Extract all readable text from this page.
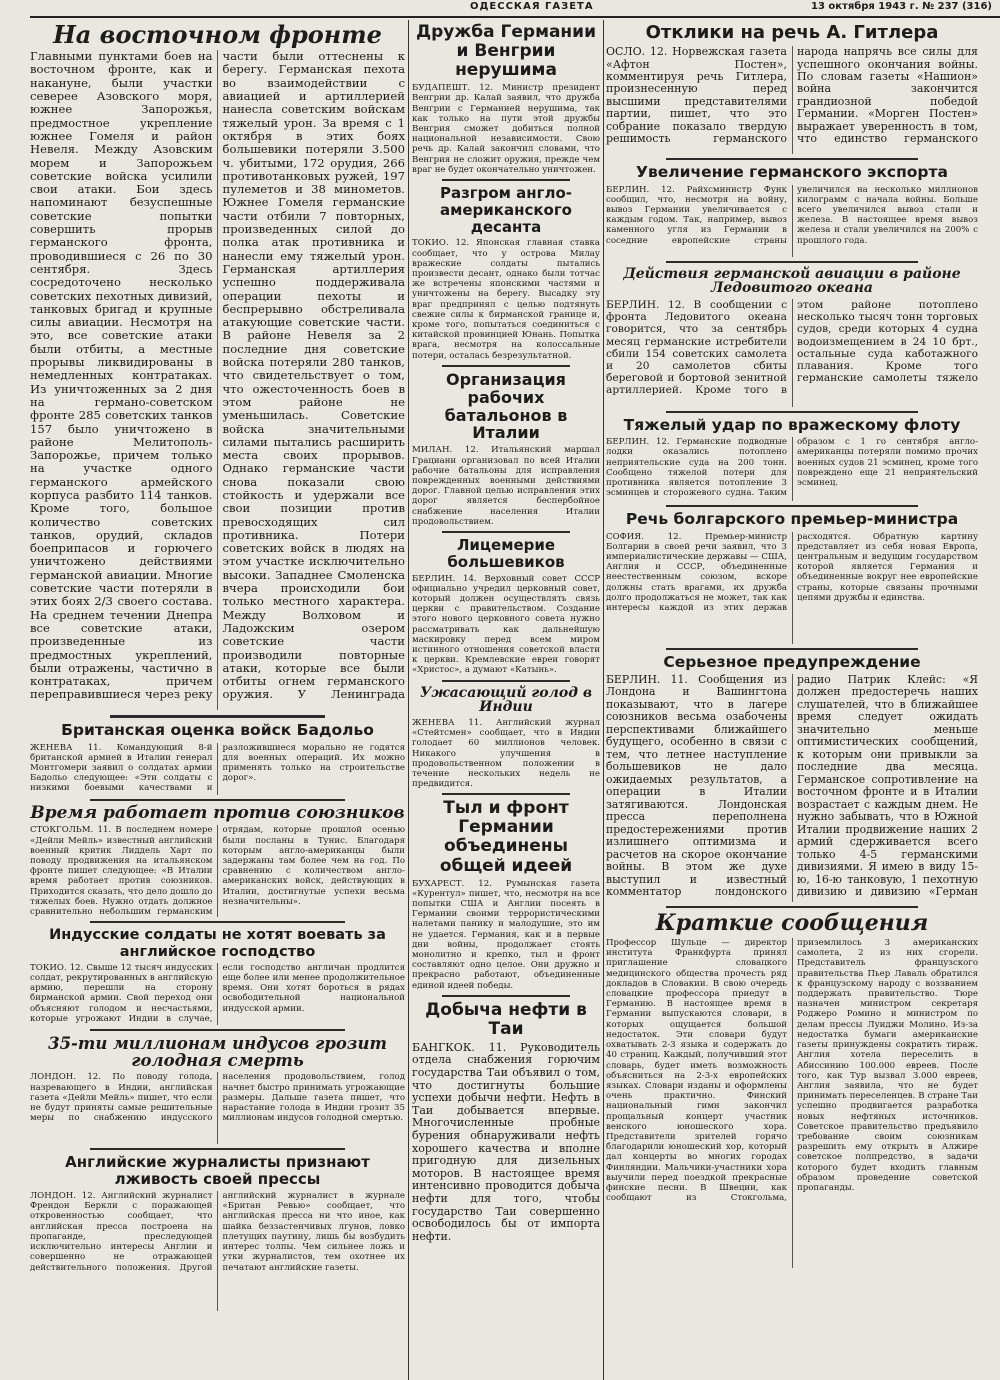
ОДЕССКАЯ ГАЗЕТА	13 октября 1943 г. № 237 (316)
На восточном фронте

Главными пунктами боев на восточном фронте, как и накануне, были участки северее Азовского моря, южнее Запорожья, предмостное укрепление южнее Гомеля и район Невеля. Между Азовским морем и Запорожьем советские войска усилили свои атаки. Бои здесь напоминают безуспешные советские попытки совершить прорыв германского фронта, проводившиеся с 26 по 30 сентября. Здесь сосредоточено несколько советских пехотных дивизий, танковых бригад и крупные силы авиации. Несмотря на это, все советские атаки были отбиты, а местные прорывы ликвидированы в немедленных контратаках. Из уничтоженных за 2 дня на германо-советском фронте 285 советских танков 157 было уничтожено в районе Мелитополь-Запорожье, причем только на участке одного германского армейского корпуса разбито 114 танков. Кроме того, большое количество советских танков, орудий, складов боеприпасов и горючего уничтожено действиями германской авиации. Многие советские части потеряли в этих боях 2/3 своего состава. На среднем течении Днепра все советские атаки, произведенные из предмостных укреплений, были отражены, частично в контратаках, причем переправившиеся через реку части были оттеснены к берегу. Германская пехота во взаимодействии с авиацией и артиллерией нанесла советским войскам тяжелый урон. За время с 1 октября в этих боях большевики потеряли 3.500 ч. убитыми, 172 орудия, 266 противотанковых ружей, 197 пулеметов и 38 минометов. Южнее Гомеля германские части отбили 7 повторных, произведенных силой до полка атак противника и нанесли ему тяжелый урон. Германская артиллерия успешно поддерживала операции пехоты и беспрерывно обстреливала атакующие советские части. В районе Невеля за 2 последние дня советские войска потеряли 280 танков, что свидетельствует о том, что ожесточенность боев в этом районе не уменьшилась. Советские войска значительными силами пытались расширить места своих прорывов. Однако германские части снова показали свою стойкость и удержали все свои позиции против превосходящих сил противника. Потери советских войск в людях на этом участке исключительно высоки. Западнее Смоленска вчера происходили бои только местного характера. Между Волховом и Ладожским озером советские части производили повторные атаки, которые все были отбиты огнем германского оружия. У Ленинграда

Британская оценка войск Бадольо

ЖЕНЕВА 11. Командующий 8-й британской армией в Италии генерал Монтгомери заявил о солдатах армии Бадольо следующее: «Эти солдаты с низкими боевыми качествами и разложившиеся морально не годятся для военных операций. Их можно применять только на строительстве дорог».

Время работает против союзников

СТОКГОЛЬМ. 11. В последнем номере «Дейли Мейль» известный английский военный критик Лиддель Харт по поводу продвижения на итальянском фронте пишет следующее: «В Италии время работает против союзников. Приходится сказать, что дело дошло до тяжелых боев. Нужно отдать должное сравнительно небольшим германским отрядам, которые прошлой осенью были посланы в Тунис. Благодаря которым англо-американцы были задержаны там более чем на год. По сравнению с количеством англо-американских войск, действующих в Италии, достигнутые успехи весьма незначительны».

Индусские солдаты не хотят воевать за английское господство

ТОКИО. 12. Свыше 12 тысяч индусских солдат, рекрутированных в английскую армию, перешли на сторону бирманской армии. Свой переход они объясняют голодом и несчастьями, которые угрожают Индии в случае, если господство англичан продлится еще более или менее продолжительное время. Они хотят бороться в рядах освободительной национальной индусской армии.

35-ти миллионам индусов грозит голодная смерть

ЛОНДОН. 12. По поводу голода, назревающего в Индии, английская газета «Дейли Мейль» пишет, что если не будут приняты самые решительные меры по снабжению индусского населения продовольствием, голод начнет быстро принимать угрожающие размеры. Дальше газета пишет, что нарастание голода в Индии грозит 35 миллионам индусов голодной смертью.

Английские журналисты признают лживость своей прессы

ЛОНДОН. 12. Английский журналист Френдон Беркли с поражающей откровенностью сообщает, что английская пресса построена на пропаганде, преследующей исключительно интересы Англии и совершенно не отражающей действительного положения. Другой английский журналист в журнале «Британ Ревью» сообщает, что английская пресса ни что иное, как шайка беззастенчивых лгунов, ловко плетущих паутину, лишь бы возбудить интерес толпы. Чем сильнее ложь и утки журналистов, тем охотнее их печатают английские газеты.

Дружба Германии и Венгрии нерушима

БУДАПЕШТ. 12. Министр президент Венгрии др. Калай заявил, что дружба Венгрии с Германией нерушима, так как только на пути этой дружбы Венгрия сможет добиться полной национальной независимости. Свою речь др. Калай закончил словами, что Венгрия не сложит оружия, прежде чем враг не будет окончательно уничтожен.

Разгром англо-американского десанта

ТОКИО. 12. Японская главная ставка сообщает, что у острова Милау вражеские солдаты пытались произвести десант, однако были тотчас же встречены японскими частями и уничтожены на берегу. Высадку эту враг предпринял с целью подтянуть свежие силы к бирманской границе и, кроме того, попытаться соединиться с китайской провинцией Юнань. Попытка врага, несмотря на колоссальные потери, осталась безрезультатной.

Организация рабочих батальонов в Италии

МИЛАН. 12. Итальянский маршал Грациани организовал по всей Италии рабочие батальоны для исправления поврежденных военными действиями дорог. Главной целью исправления этих дорог является беспербойное снабжение населения Италии продовольствием.

Лицемерие большевиков

БЕРЛИН. 14. Верховный совет СССР официально учредил церковный совет, который должен осуществлять связь церкви с правительством. Создание этого нового церковного совета нужно рассматривать как дальнейшую маскировку перед всем миром истинного отношения советской власти к церкви. Кремлевские евреи говорят «Христос», а думают «Катынь».

Ужасающий голод в Индии

ЖЕНЕВА 11. Английский журнал «Стейтсмен» сообщает, что в Индии голодает 60 миллионов человек. Никакого улучшения в продовольственном положении в течение нескольких недель не предвидится.

Тыл и фронт Германии объединены общей идеей

БУХАРЕСТ. 12. Румынская газета «Курентул» пишет, что, несмотря на все попытки США и Англии посеять в Германии своими террористическими налетами панику и малодушие, это им не удается. Германия, как и в первые дни войны, продолжает стоять монолитно и крепко, тыл и фронт составляют одно целое. Они дружно и прекрасно работают, объединенные единой идеей победы.

Добыча нефти в Таи

БАНГКОК. 11. Руководитель отдела снабжения горючим государства Таи объявил о том, что достигнуты большие успехи добычи нефти. Нефть в Таи добывается впервые. Многочисленные пробные бурения обнаруживали нефть хорошего качества и вполне пригодную для дизельных моторов. В настоящее время интенсивно проводится добыча нефти для того, чтобы государство Таи совершенно освободилось бы от импорта нефти.

Отклики на речь А. Гитлера

ОСЛО. 12. Норвежская газета «Афтон Постен», комментируя речь Гитлера, произнесенную перед высшими представителями партии, пишет, что это собрание показало твердую решимость германского народа напрячь все силы для успешного окончания войны. По словам газеты «Нашион» война закончится грандиозной победой Германии. «Морген Постен» выражает уверенность в том, что единство германского

Увеличение германского экспорта

БЕРЛИН. 12. Райхсминистр Функ сообщил, что, несмотря на войну, вывоз Германии увеличивается с каждым годом. Так, например, вывоз каменного угля из Германии в соседние европейские страны увеличился на несколько миллионов килограмм с начала войны. Больше всего увеличился вывоз стали и железа. В настоящее время вывоз железа и стали увеличился на 200% с прошлого года.

Действия германской авиации в районе Ледовитого океана

БЕРЛИН. 12. В сообщении с фронта Ледовитого океана говорится, что за сентябрь месяц германские истребители сбили 154 советских самолета и 20 самолетов сбиты береговой и бортовой зенитной артиллерией. Кроме того в этом районе потоплено несколько тысяч тонн торговых судов, среди которых 4 судна водоизмещением в 24 10 брт., остальные суда каботажного плавания. Кроме того германские самолеты тяжело

Тяжелый удар по вражескому флоту

БЕРЛИН. 12. Германские подводные лодки оказались потоплено неприятельские суда на 200 тонн. Сообщено тяжелой потери для противника является потопление 3 эсминцев и сторожевого судна. Таким образом с 1 го сентября англо-американцы потеряли помимо прочих военных судов 21 эсминец, кроме того повреждено еще 21 неприятельский эсминец.

Речь болгарского премьер-министра

СОФИЯ. 12. Премьер-министр Болгарии в своей речи заявил, что 3 империалистические державы — США, Англия и СССР, объединенные неестественным союзом, вскоре должны стать врагами, их дружба долго продолжаться не может, так как интересы каждой из этих держав расходятся. Обратную картину представляет из себя новая Европа, центральным и ведущим государством которой является Германия и объединенные вокруг нее европейские страны, которые связаны прочными цепями дружбы и единства.

Серьезное предупреждение

БЕРЛИН. 11. Сообщения из Лондона и Вашингтона показывают, что в лагере союзников весьма озабочены перспективами ближайшего будущего, особенно в связи с тем, что летнее наступление большевиков не дало ожидаемых результатов, а операции в Италии затягиваются. Лондонская пресса переполнена предостережениями против излишнего оптимизма и расчетов на скорое окончание войны. В этом же духе выступил и известный комментатор лондонского радио Патрик Клейс: «Я должен предостеречь наших слушателей, что в ближайшее время следует ожидать значительно меньше оптимистических сообщений, к которым они привыкли за последние два месяца. Германское сопротивление на восточном фронте и в Италии возрастает с каждым днем. Не нужно забывать, что в Южной Италии продвижение наших 2 армий сдерживается всего только 4-5 германскими дивизиями. Я имею в виду 15-ю, 16-ю танковую, 1 пехотную дивизию и дивизию «Герман

Краткие сообщения

Профессор Шульце — директор института Франкфурта принял приглашение словацкого медицинского общества прочесть ряд докладов в Словакии. В свою очередь словацкие профессора приедут в Германию. В настоящее время в Германии выпускаются словари, в которых ощущается большой недостаток. Эти словари будут охватывать 2-3 языка и содержать до 40 страниц. Каждый, получивший этот словарь, будет иметь возможность объясниться на 2-3-х европейских языках. Словари изданы и оформлены очень практично. Финский национальный гимн закончил прощальный концерт участник венского юношеского хора. Представители зрителей горячо благодарили юношеский хор, который дал концерты во многих городах Финляндии. Мальчики-участники хора выучили перед поездкой прекрасные финские песни. В Швеции, как сообщают из Стокгольма, приземлилось 3 американских самолета, 2 из них сгорели. Представитель французского правительства Пьер Лаваль обратился к французскому народу с воззванием поддержать правительство. Тюре назначен министром секретаря Роджеро Ромино и министром по делам прессы Луиджи Молино. Из-за недостатка бумаги американские газеты принуждены сократить тираж. Англия хотела переселить в Абиссинию 100.000 евреев. После того, как Тур вызвал 3.000 евреев, Англия заявила, что не будет принимать переселенцев. В стране Таи успешно продвигается разработка новых нефтяных источников. Советское правительство предъявило требование своим союзникам разрешить ему открыть в Алжире советское полпредство, в задачи которого будет входить главным образом проведение советской пропаганды.
